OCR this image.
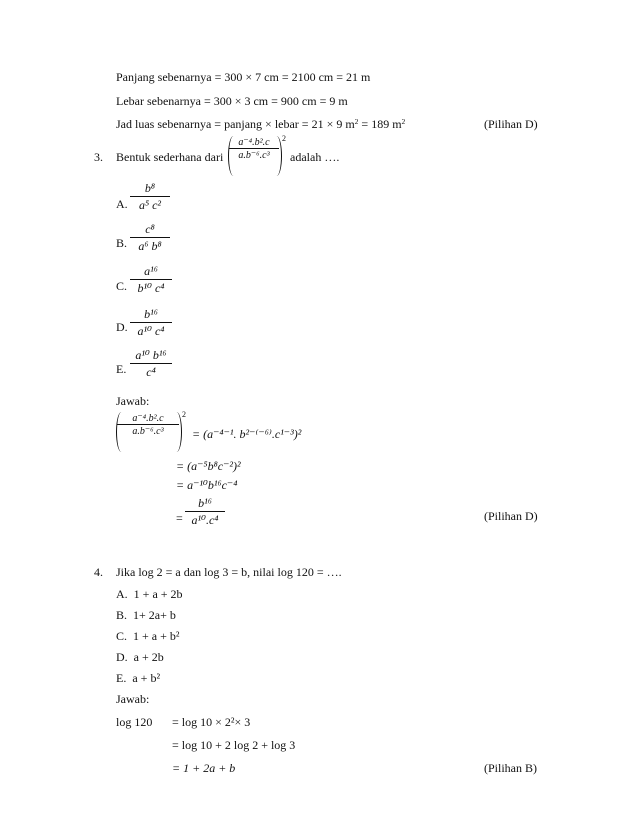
Panjang sebenarnya = 300 × 7 cm = 2100 cm = 21 m
Lebar sebenarnya = 300 × 3 cm = 900 cm = 9 m
Jad luas sebenarnya = panjang × lebar = 21 × 9 $m^2 = 189$ $m^2$	(Pilihan D)
3. Bentuk sederhana dari $\frac{\text{a⁻⁴.b².c}}{\text{a.b⁻⁶.c³}} 2$
adalah ….
A. $\frac{\text{b⁸}}{\text{a⁵ c²}}$
B. $\frac{\text{c⁸}}{\text{a⁶ b⁸}}$
C. $\frac{\text{a¹⁶}}{\text{b¹⁰ c⁴}}$
D. $\frac{\text{b¹⁶}}{\text{a¹⁰ c⁴}}$
E. $\frac{\text{a¹⁰ b¹⁶}}{\text{c⁴}}$
Jawab:
$\frac{\text{a⁻⁴.b².c}}{\text{a.b⁻⁶.c³}} 2$
= (a⁻⁴⁻¹. b²⁻⁽⁻⁶⁾.c¹⁻³)²
= (a⁻⁵b⁸c⁻²)²
= a⁻¹⁰b¹⁶c⁻⁴
= $\frac{\text{b¹⁶}}{\text{a¹⁰.c⁴}}$	(Pilihan D)
4. Jika log 2 = a dan log 3 = b, nilai log 120 = ….
A. 1 + a + 2b
B. 1+ 2a+ b
C. 1 + a + b²
D. a + 2b
E. a + b²
Jawab:
log 120 = log 10 × 2²× 3
= log 10 + 2 log 2 + log 3
= 1 + 2a + b	(Pilihan B)
